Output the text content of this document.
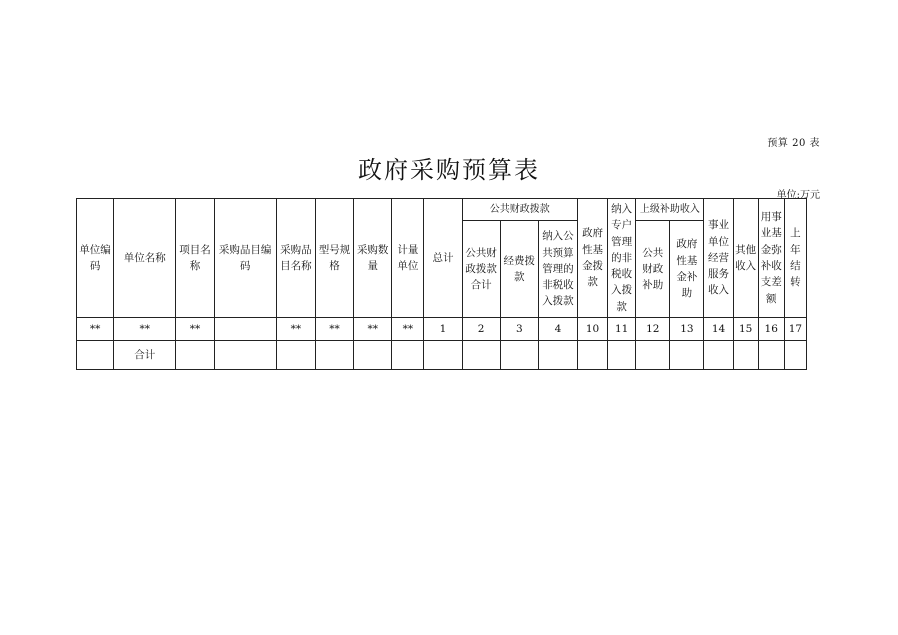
预算 20 表
政府采购预算表
单位:万元
单位编码	单位名称	项目名称	采购品目编码	采购品目名称	型号规格	采购数量	计量单位	总计	公共财政拨款			政府性基金拨款	纳入专户管理的非税收入拨款	上级补助收入		事业单位经营服务收入	其他收入	用事业基金弥补收支差额	上年结转
									公共财政拨款合计	经费拨款	纳入公共预算管理的非税收入拨款			公共财政补助	政府性基金补助				
**	**	**		**	**	**	**	1	2	3	4	10	11	12	13	14	15	16	17
	合计																		
